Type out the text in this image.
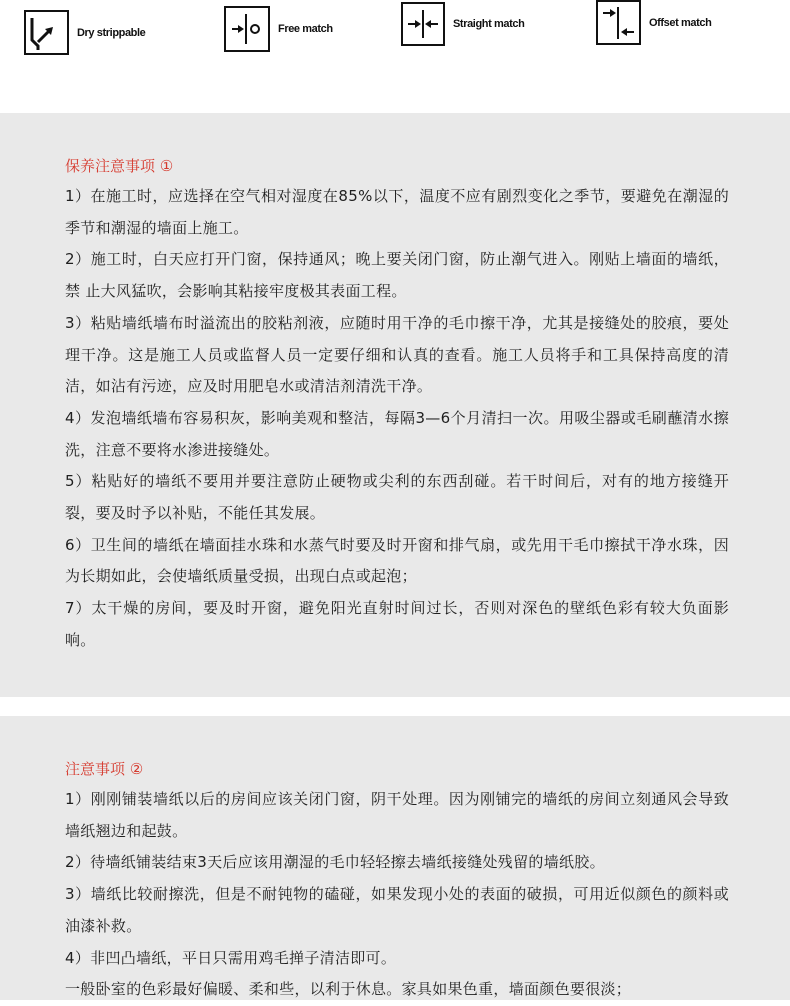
Dry strippable	Free match	Straight match	Offset match
保养注意事项 ①

1）在施工时，应选择在空气相对湿度在85%以下，温度不应有剧烈变化之季节，要避免在潮湿的季节和潮湿的墙面上施工。

2）施工时，白天应打开门窗，保持通风；晚上要关闭门窗，防止潮气进入。刚贴上墙面的墙纸，禁 止大风猛吹，会影响其粘接牢度极其表面工程。

3）粘贴墙纸墙布时溢流出的胶粘剂液，应随时用干净的毛巾擦干净，尤其是接缝处的胶痕，要处理干净。这是施工人员或监督人员一定要仔细和认真的查看。施工人员将手和工具保持高度的清洁，如沾有污迹，应及时用肥皂水或清洁剂清洗干净。

4）发泡墙纸墙布容易积灰，影响美观和整洁，每隔3—6个月清扫一次。用吸尘器或毛刷蘸清水擦洗，注意不要将水渗进接缝处。

5）粘贴好的墙纸不要用并要注意防止硬物或尖利的东西刮碰。若干时间后，对有的地方接缝开裂，要及时予以补贴，不能任其发展。

6）卫生间的墙纸在墙面挂水珠和水蒸气时要及时开窗和排气扇，或先用干毛巾擦拭干净水珠，因为长期如此，会使墙纸质量受损，出现白点或起泡；

7）太干燥的房间，要及时开窗，避免阳光直射时间过长，否则对深色的壁纸色彩有较大负面影响。

注意事项 ②

1）刚刚铺装墙纸以后的房间应该关闭门窗，阴干处理。因为刚铺完的墙纸的房间立刻通风会导致墙纸翘边和起鼓。

2）待墙纸铺装结束3天后应该用潮湿的毛巾轻轻擦去墙纸接缝处残留的墙纸胶。

3）墙纸比较耐擦洗，但是不耐钝物的磕碰，如果发现小处的表面的破损，可用近似颜色的颜料或油漆补救。

4）非凹凸墙纸，平日只需用鸡毛掸子清洁即可。

一般卧室的色彩最好偏暖、柔和些，以利于休息。家具如果色重，墙面颜色要很淡；
